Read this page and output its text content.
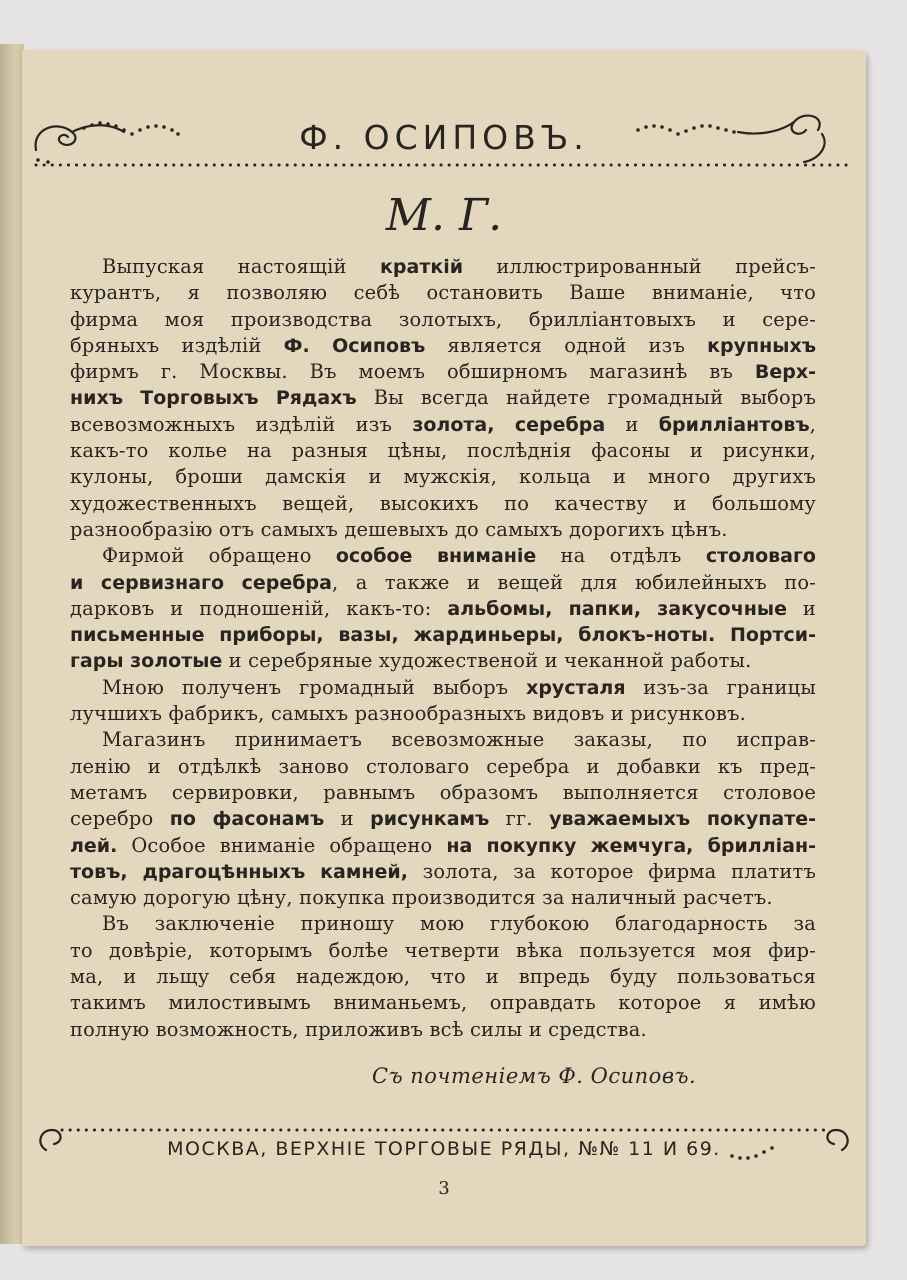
Ф. ОСИПОВЪ.
М. Г.
Выпуская настоящій краткій иллюстрированный прейсъ-
курантъ, я позволяю себѣ остановить Ваше вниманіе, что
фирма моя производства золотыхъ, брилліантовыхъ и сере-
бряныхъ издѣлій Ф. Осиповъ является одной изъ крупныхъ
фирмъ г. Москвы. Въ моемъ обширномъ магазинѣ въ Верх-
нихъ Торговыхъ Рядахъ Вы всегда найдете громадный выборъ
всевозможныхъ издѣлій изъ золота, серебра и брилліантовъ,
какъ-то колье на разныя цѣны, послѣднія фасоны и рисунки,
кулоны, броши дамскія и мужскія, кольца и много другихъ
художественныхъ вещей, высокихъ по качеству и большому
разнообразію отъ самыхъ дешевыхъ до самыхъ дорогихъ цѣнъ.
Фирмой обращено особое вниманіе на отдѣлъ столоваго
и сервизнаго серебра, а также и вещей для юбилейныхъ по-
дарковъ и подношеній, какъ-то: альбомы, папки, закусочные и
письменные приборы, вазы, жардиньеры, блокъ-ноты. Портси-
гары золотые и серебряные художественой и чеканной работы.
Мною полученъ громадный выборъ хрусталя изъ-за границы
лучшихъ фабрикъ, самыхъ разнообразныхъ видовъ и рисунковъ.
Магазинъ принимаетъ всевозможные заказы, по исправ-
ленію и отдѣлкѣ заново столоваго серебра и добавки къ пред-
метамъ сервировки, равнымъ образомъ выполняется столовое
серебро по фасонамъ и рисункамъ гг. уважаемыхъ покупате-
лей. Особое вниманіе обращено на покупку жемчуга, брилліан-
товъ, драгоцѣнныхъ камней, золота, за которое фирма платитъ
самую дорогую цѣну, покупка производится за наличный расчетъ.
Въ заключеніе приношу мою глубокою благодарность за
то довѣріе, которымъ болѣе четверти вѣка пользуется моя фир-
ма, и льщу себя надеждою, что и впредь буду пользоваться
такимъ милостивымъ вниманьемъ, оправдать которое я имѣю
полную возможность, приложивъ всѣ силы и средства.
Съ почтеніемъ Ф. Осиповъ.
МОСКВА, ВЕРХНІЕ ТОРГОВЫЕ РЯДЫ, №№ 11 И 69.
3
